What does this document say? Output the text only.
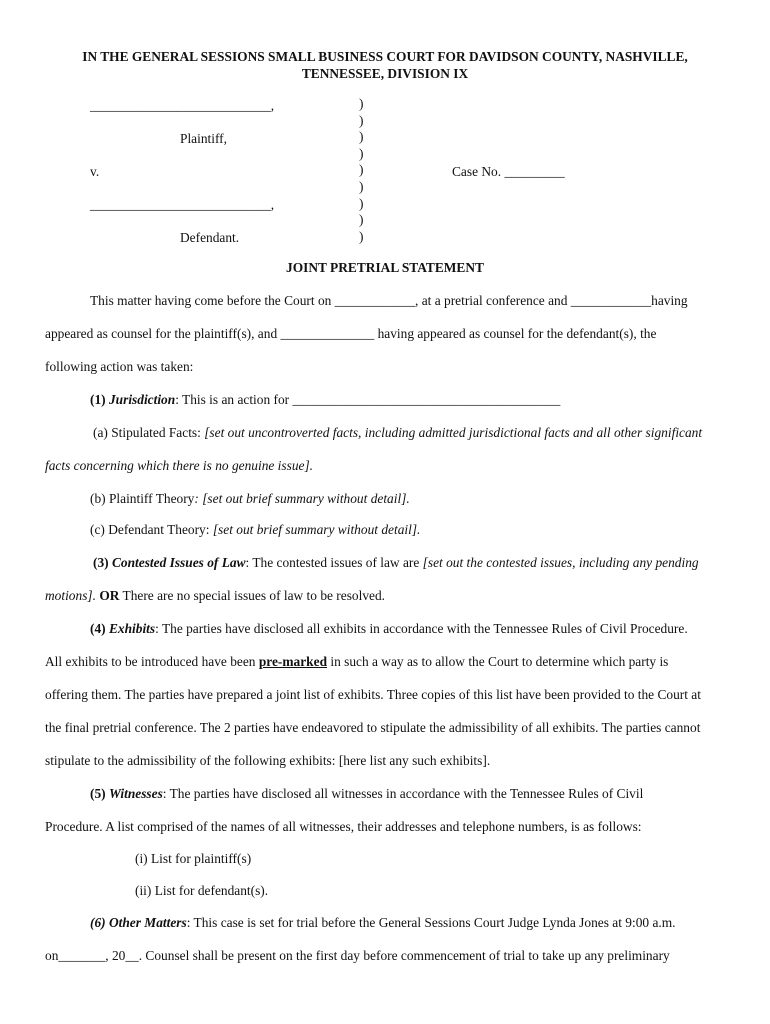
IN THE GENERAL SESSIONS SMALL BUSINESS COURT FOR DAVIDSON COUNTY, NASHVILLE,
TENNESSEE, DIVISION IX
___________________________,
Plaintiff,
v.
___________________________,
Defendant.
Case No. _________
)
)
)
)
)
)
)
)
)
JOINT PRETRIAL STATEMENT
This matter having come before the Court on ____________, at a pretrial conference and ____________having
appeared as counsel for the plaintiff(s), and ______________ having appeared as counsel for the defendant(s), the
following action was taken:
(1) Jurisdiction: This is an action for ________________________________________
(a) Stipulated Facts: [set out uncontroverted facts, including admitted jurisdictional facts and all other significant
facts concerning which there is no genuine issue].
(b) Plaintiff Theory: [set out brief summary without detail].
(c) Defendant Theory: [set out brief summary without detail].
(3) Contested Issues of Law: The contested issues of law are [set out the contested issues, including any pending
motions]. OR There are no special issues of law to be resolved.
(4) Exhibits: The parties have disclosed all exhibits in accordance with the Tennessee Rules of Civil Procedure.
All exhibits to be introduced have been pre-marked in such a way as to allow the Court to determine which party is
offering them. The parties have prepared a joint list of exhibits. Three copies of this list have been provided to the Court at
the final pretrial conference. The 2 parties have endeavored to stipulate the admissibility of all exhibits. The parties cannot
stipulate to the admissibility of the following exhibits: [here list any such exhibits].
(5) Witnesses: The parties have disclosed all witnesses in accordance with the Tennessee Rules of Civil
Procedure. A list comprised of the names of all witnesses, their addresses and telephone numbers, is as follows:
(i) List for plaintiff(s)
(ii) List for defendant(s).
(6) Other Matters: This case is set for trial before the General Sessions Court Judge Lynda Jones at 9:00 a.m.
on_______, 20__. Counsel shall be present on the first day before commencement of trial to take up any preliminary
